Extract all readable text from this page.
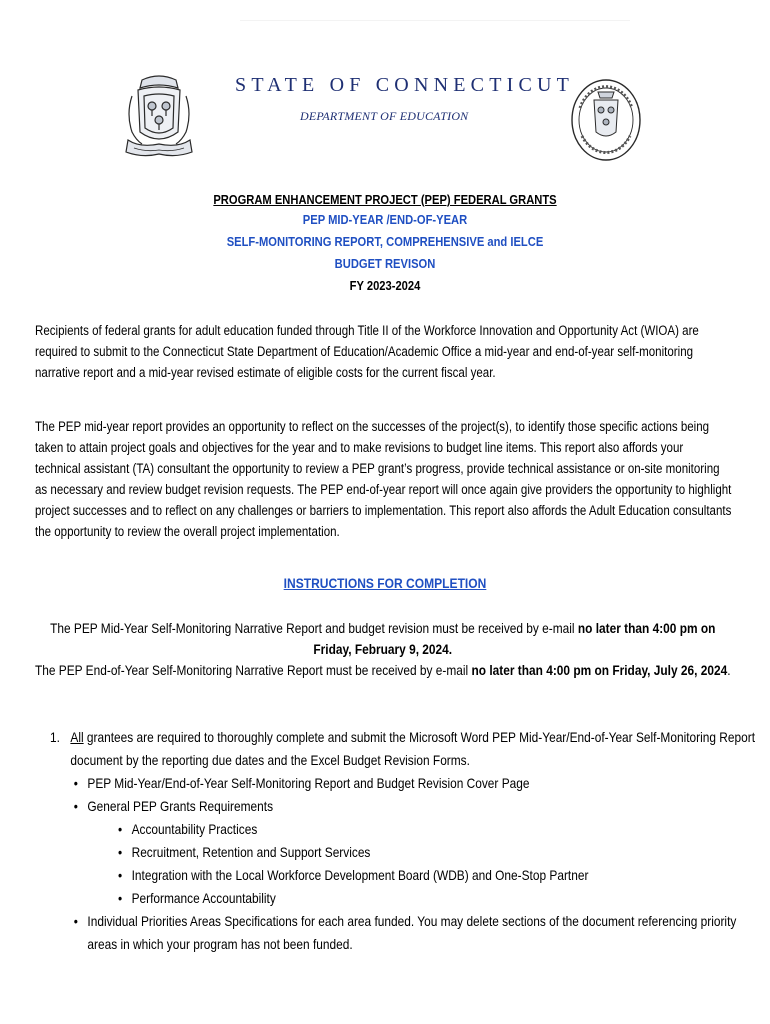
STATE OF CONNECTICUT
DEPARTMENT OF EDUCATION
PROGRAM ENHANCEMENT PROJECT (PEP) FEDERAL GRANTS
PEP MID-YEAR /END-OF-YEAR
SELF-MONITORING REPORT, COMPREHENSIVE and IELCE
BUDGET REVISON
FY 2023-2024

Recipients of federal grants for adult education funded through Title II of the Workforce Innovation and Opportunity Act (WIOA) are required to submit to the Connecticut State Department of Education/Academic Office a mid-year and end-of-year self-monitoring narrative report and a mid-year revised estimate of eligible costs for the current fiscal year.

The PEP mid-year report provides an opportunity to reflect on the successes of the project(s), to identify those specific actions being taken to attain project goals and objectives for the year and to make revisions to budget line items. This report also affords your technical assistant (TA) consultant the opportunity to review a PEP grant’s progress, provide technical assistance or on-site monitoring as necessary and review budget revision requests. The PEP end-of-year report will once again give providers the opportunity to highlight project successes and to reflect on any challenges or barriers to implementation. This report also affords the Adult Education consultants the opportunity to review the overall project implementation.

INSTRUCTIONS FOR COMPLETION

The PEP Mid-Year Self-Monitoring Narrative Report and budget revision must be received by e-mail no later than 4:00 pm on Friday, February 9, 2024.

The PEP End-of-Year Self-Monitoring Narrative Report must be received by e-mail no later than 4:00 pm on Friday, July 26, 2024.

1. All grantees are required to thoroughly complete and submit the Microsoft Word PEP Mid-Year/End-of-Year Self-Monitoring Report document by the reporting due dates and the Excel Budget Revision Forms.
• PEP Mid-Year/End-of-Year Self-Monitoring Report and Budget Revision Cover Page
• General PEP Grants Requirements
• Accountability Practices
• Recruitment, Retention and Support Services
• Integration with the Local Workforce Development Board (WDB) and One-Stop Partner
• Performance Accountability
• Individual Priorities Areas Specifications for each area funded. You may delete sections of the document referencing priority areas in which your program has not been funded.
